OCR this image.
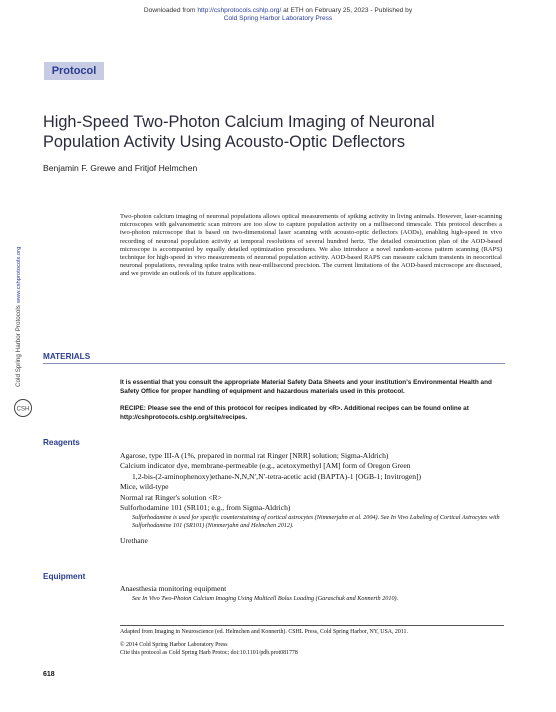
Downloaded from http://cshprotocols.cshlp.org/ at ETH on February 25, 2023 - Published by
Cold Spring Harbor Laboratory Press
Protocol
High-Speed Two-Photon Calcium Imaging of Neuronal Population Activity Using Acousto-Optic Deflectors
Benjamin F. Grewe and Fritjof Helmchen
Two-photon calcium imaging of neuronal populations allows optical measurements of spiking activity in living animals. However, laser-scanning microscopes with galvanometric scan mirrors are too slow to capture population activity on a millisecond timescale. This protocol describes a two-photon microscope that is based on two-dimensional laser scanning with acousto-optic deflectors (AODs), enabling high-speed in vivo recording of neuronal population activity at temporal resolutions of several hundred hertz. The detailed construction plan of the AOD-based microscope is accompanied by equally detailed optimization procedures. We also introduce a novel random-access pattern scanning (RAPS) technique for high-speed in vivo measurements of neuronal population activity. AOD-based RAPS can measure calcium transients in neocortical neuronal populations, revealing spike trains with near-millisecond precision. The current limitations of the AOD-based microscope are discussed, and we provide an outlook of its future applications.
Cold Spring Harbor Protocolswww.cshprotocols.org
CSH
MATERIALS
It is essential that you consult the appropriate Material Safety Data Sheets and your institution's Environmental Health and Safety Office for proper handling of equipment and hazardous materials used in this protocol.
RECIPE: Please see the end of this protocol for recipes indicated by <R>. Additional recipes can be found online at http://cshprotocols.cshlp.org/site/recipes.
Reagents
Agarose, type III-A (1%, prepared in normal rat Ringer [NRR] solution; Sigma-Aldrich)
Calcium indicator dye, membrane-permeable (e.g., acetoxymethyl [AM] form of Oregon Green
1,2-bis-(2-aminophenoxy)ethane-N,N,N′,N′-tetra-acetic acid (BAPTA)-1 [OGB-1; Invitrogen])
Mice, wild-type
Normal rat Ringer's solution <R>
Sulforhodamine 101 (SR101; e.g., from Sigma-Aldrich)
Sulforhodamine is used for specific counterstaining of cortical astrocytes (Nimmerjahn et al. 2004). See In Vivo Labeling of Cortical Astrocytes with Sulforhodamine 101 (SR101) (Nimmerjahn and Helmchen 2012).
Urethane
Equipment
Anaesthesia monitoring equipment
See In Vivo Two-Photon Calcium Imaging Using Multicell Bolus Loading (Garaschuk and Konnerth 2010).
Adapted from Imaging in Neuroscience (ed. Helmchen and Konnerth). CSHL Press, Cold Spring Harbor, NY, USA, 2011.
© 2014 Cold Spring Harbor Laboratory Press
Cite this protocol as Cold Spring Harb Protoc; doi:10.1101/pdb.prot081778
618
